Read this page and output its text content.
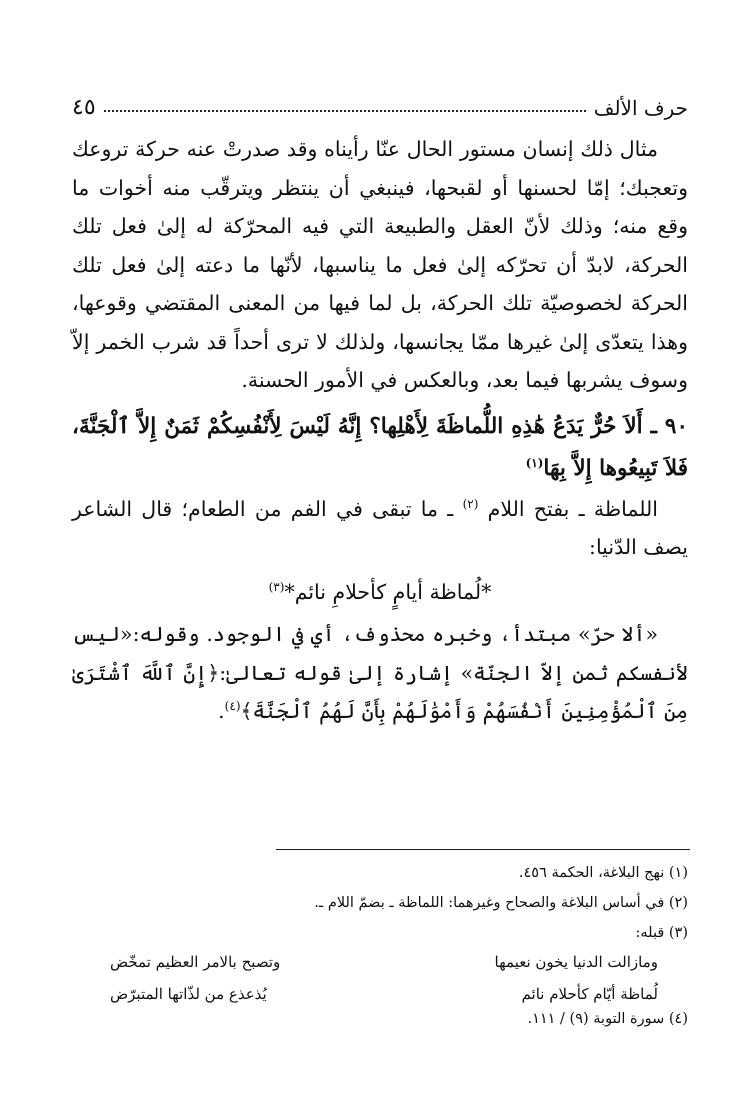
حرف الألف
٤٥

مثال ذلك إنسان مستور الحال عنّا رأيناه وقد صدرتْ عنه حركة تروعك وتعجبك؛ إمّا لحسنها أو لقبحها، فينبغي أن ينتظر ويترقّب منه أخوات ما وقع منه؛ وذلك لأنّ العقل والطبيعة التي فيه المحرّكة له إلىٰ فعل تلك الحركة، لابدّ أن تحرّكه إلىٰ فعل ما يناسبها، لأنّها ما دعته إلىٰ فعل تلك الحركة لخصوصيّة تلك الحركة، بل لما فيها من المعنى المقتضي وقوعها، وهذا يتعدّى إلىٰ غيرها ممّا يجانسها، ولذلك لا ترى أحداً قد شرب الخمر إلاّ وسوف يشربها فيما بعد، وبالعكس في الأمور الحسنة.

٩٠ ـ أَلاَ حُرٌّ يَدَعُ هَٰذِهِ اللُّماظَةَ لِأَهْلِها؟ إِنَّهُ لَيْسَ لِأَنْفُسِكُمْ ثَمَنٌ إِلاَّ ٱلْجَنَّةَ، فَلاَ تَبِيعُوها إِلاَّ بِهَا$^{(١)}$

اللماظة ـ بفتح اللام $^{(٢)}$ ـ ما تبقى في الفم من الطعام؛ قال الشاعر يصف الدّنيا:

*لُماظة أيامٍ كأحلامِ نائم*$^{(٣)}$

«ألا حرّ» مبتدأ، وخبره محذوف، أي في الوجود. وقوله:«ليس لأنفسكم ثمن إلاّ الجنّة» إشارة إلىٰ قوله تعالىٰ:﴿إِنَّ ٱللَّهَ ٱشْتَرَىٰ مِنَ ٱلْمُؤْمِنِينَ أَنْفُسَهُمْ وَأَمْوَٰلَهُمْ بِأَنَّ لَهُمُ ٱلْجَنَّةَ﴾$^{(٤)}$.

(١) نهج البلاغة، الحكمة ٤٥٦.

(٢) في أساس البلاغة والصحاح وغيرهما: اللماظة ـ بضمّ اللام ـ.

(٣) قبله:

ومازالت الدنيا يخون نعيمها
وتصبح بالامر العظيم تمخّض
لُماظة أيّام كأحلام نائم
يُذعذع من لذّاتها المتبرّض

(٤) سورة التوبة (٩) / ١١١.
